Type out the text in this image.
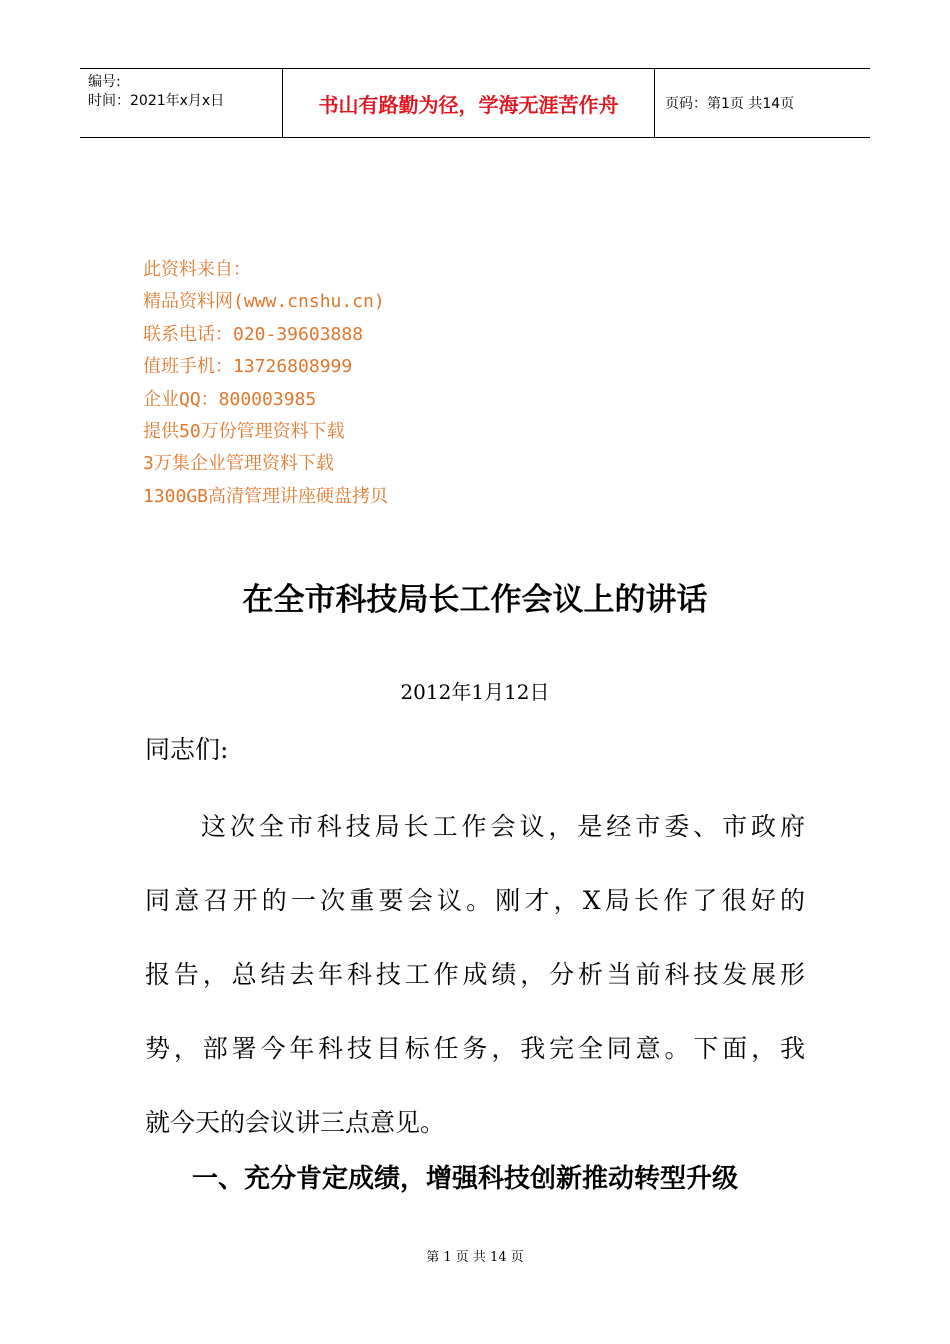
编号:
时间：2021年x月x日	书山有路勤为径，学海无涯苦作舟	页码：第1页 共14页
此资料来自：
精品资料网(www.cnshu.cn)
联系电话：020-39603888
值班手机：13726808999
企业QQ：800003985
提供50万份管理资料下载
3万集企业管理资料下载
1300GB高清管理讲座硬盘拷贝
在全市科技局长工作会议上的讲话
2012年1月12日
同志们:
这次全市科技局长工作会议，是经市委、市政府
同意召开的一次重要会议。刚才，X局长作了很好的
报告，总结去年科技工作成绩，分析当前科技发展形
势，部署今年科技目标任务，我完全同意。下面，我
就今天的会议讲三点意见。
一、充分肯定成绩，增强科技创新推动转型升级
第 1 页 共 14 页
